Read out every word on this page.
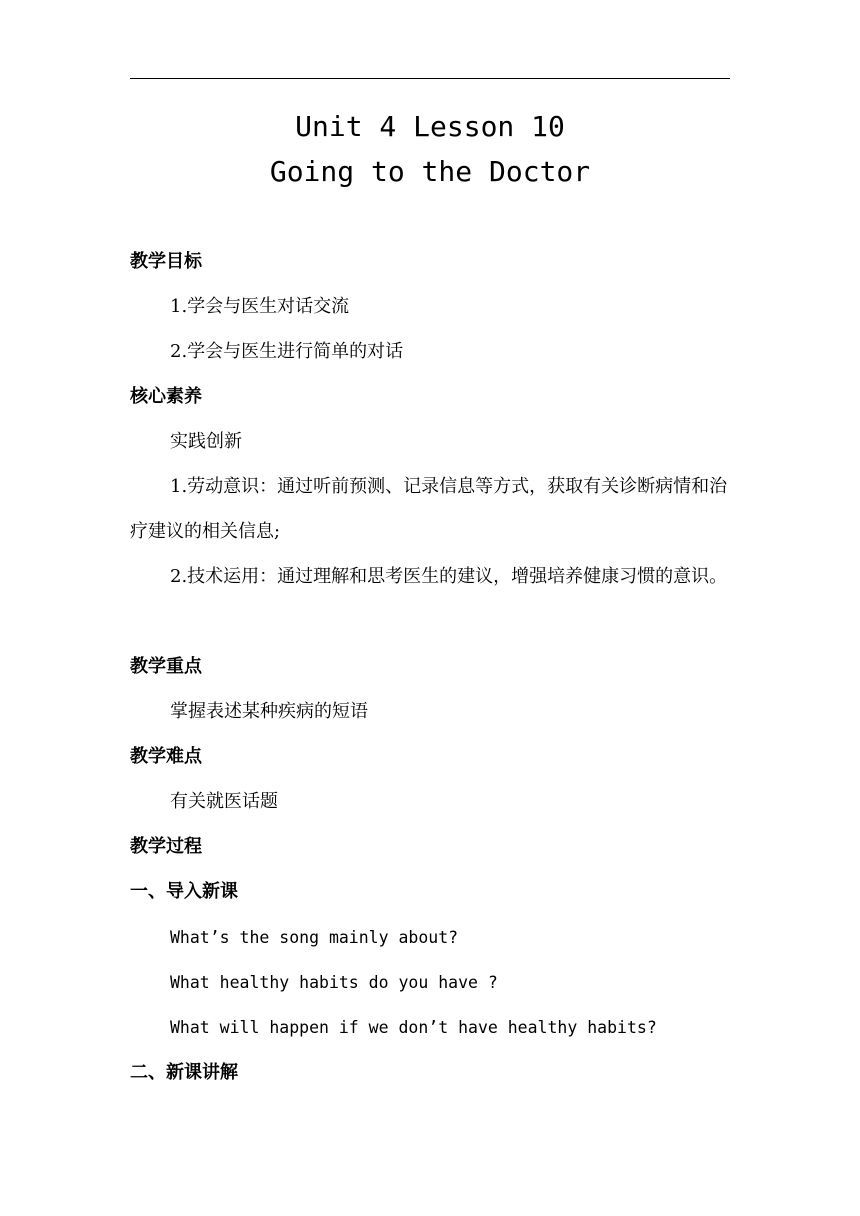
Unit 4 Lesson 10
Going to the Doctor
教学目标
1.学会与医生对话交流
2.学会与医生进行简单的对话
核心素养
实践创新

1.劳动意识：通过听前预测、记录信息等方式，获取有关诊断病情和治疗建议的相关信息;

2.技术运用：通过理解和思考医生的建议，增强培养健康习惯的意识。

教学重点
掌握表述某种疾病的短语
教学难点
有关就医话题
教学过程
一、导入新课
What’s the song mainly about?
What healthy habits do you have ?
What will happen if we don’t have healthy habits?
二、新课讲解
